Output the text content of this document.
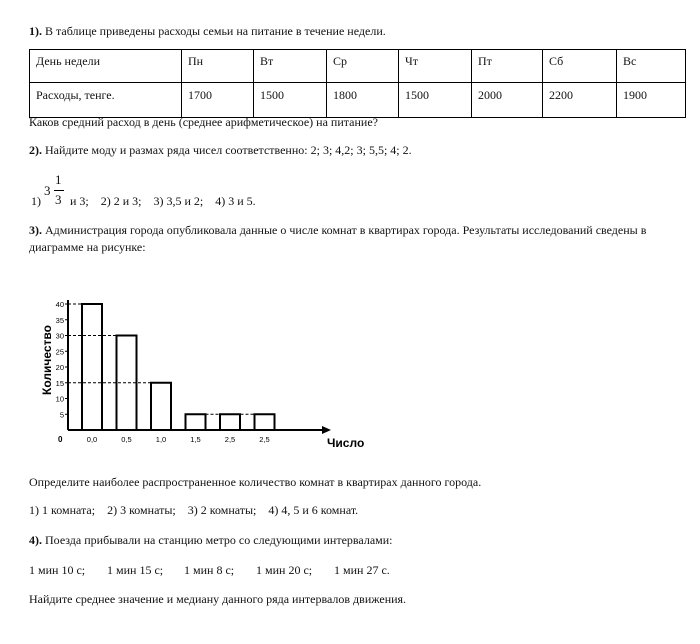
1). В таблице приведены расходы семьи на питание в течение недели.
День недели	Пн	Вт	Ср	Чт	Пт	Сб	Вс
Расходы, тенге.	1700	1500	1800	1500	2000	2200	1900
Каков средний расход в день (среднее арифметическое) на питание?
2). Найдите моду и размах ряда чисел соответственно: 2; 3; 4,2; 3; 5,5; 4; 2.
1)
3
1
3 и 3;    2) 2 и 3;    3) 3,5 и 2;    4) 3 и 5.
3). Администрация города опубликовала данные о числе комнат в квартирах города. Результаты исследований сведены в
диаграмме на рисунке:
5
10
15
20
25
30
35
40
0,0	0,5	1,0	1,5	2,5	2,5
0
Количество
Число
Определите наиболее распространенное количество комнат в квартирах данного города.
1) 1 комната;    2) 3 комнаты;    3) 2 комнаты;    4) 4, 5 и 6 комнат.
4). Поезда прибывали на станцию метро со следующими интервалами:
1 мин 10 с; 1 мин 15 с; 1 мин 8 с; 1 мин 20 с; 1 мин 27 с.
Найдите среднее значение и медиану данного ряда интервалов движения.
